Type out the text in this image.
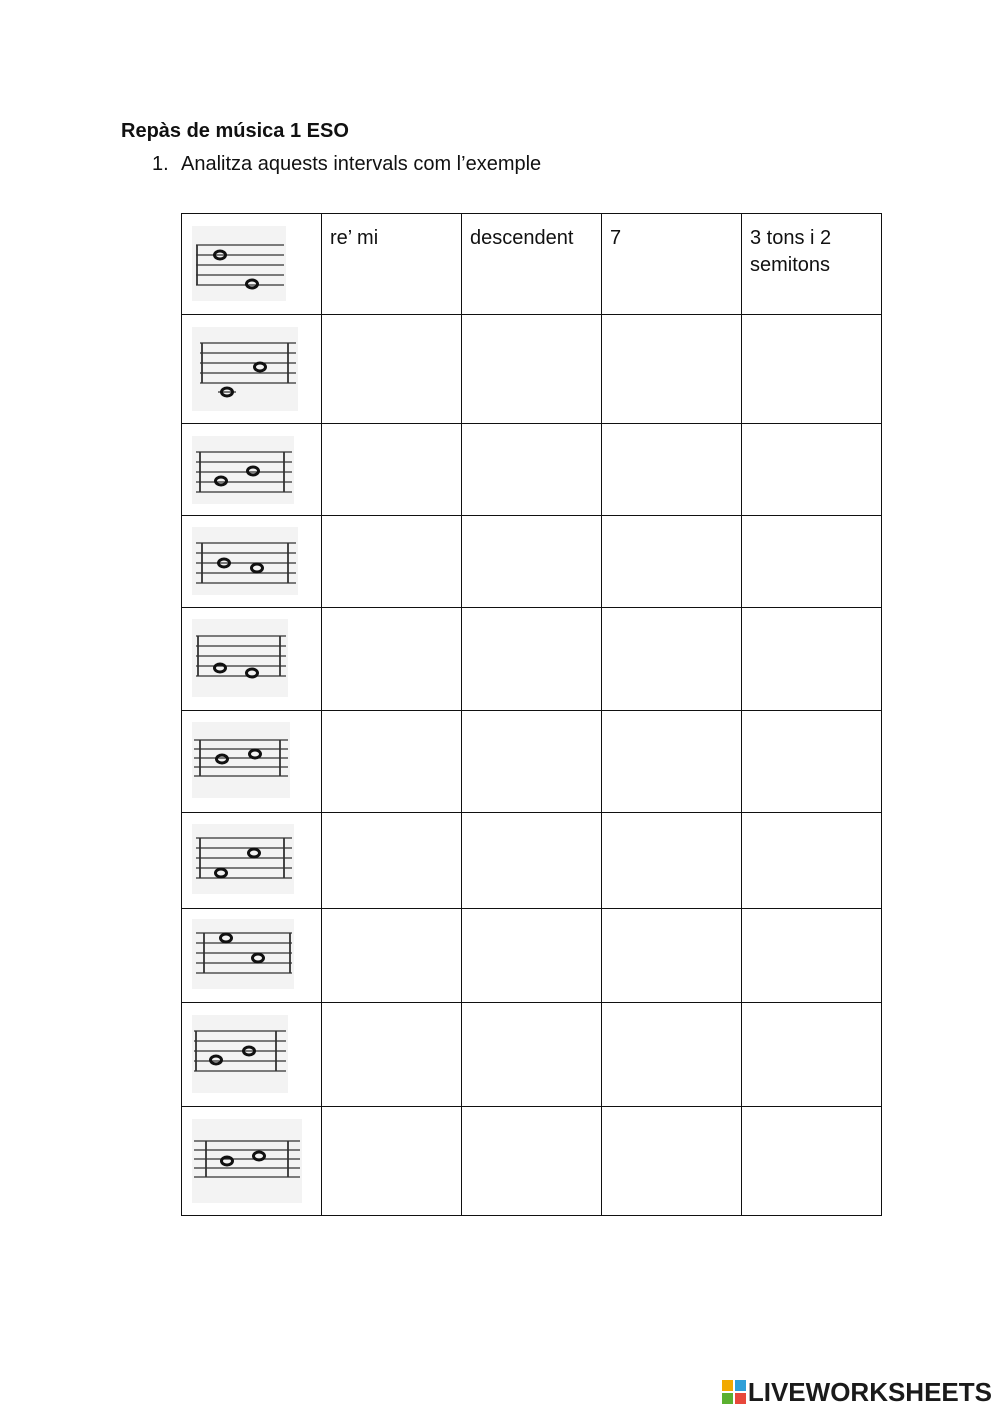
Repàs de música 1 ESO

1. Analitza aquests intervals com l’exemple

re’ mi	descendent	7	3 tons i 2 semitons

LIVEWORKSHEETS
